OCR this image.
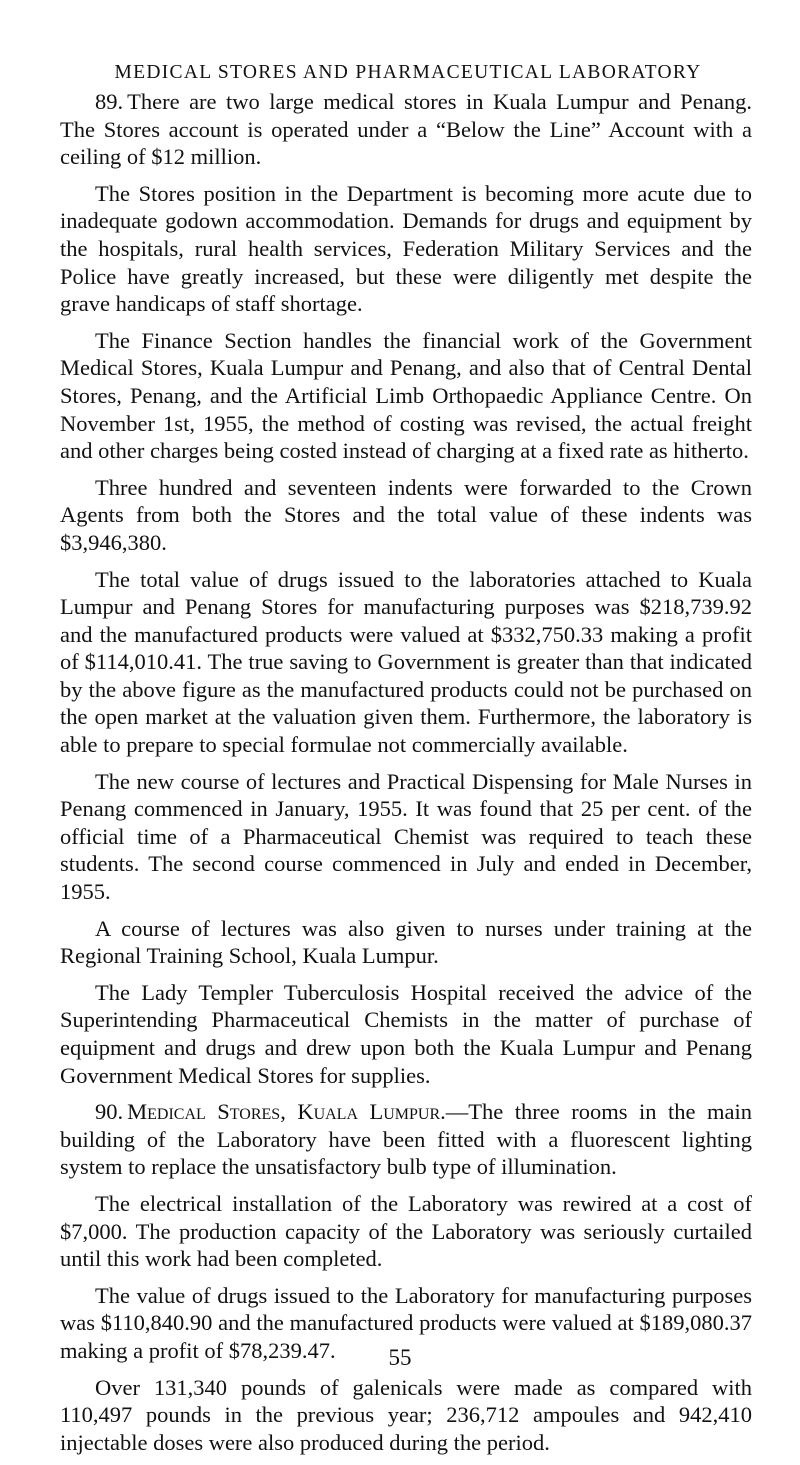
MEDICAL STORES AND PHARMACEUTICAL LABORATORY

89. There are two large medical stores in Kuala Lumpur and Penang. The Stores account is operated under a “Below the Line” Account with a ceiling of $12 million.

The Stores position in the Department is becoming more acute due to inadequate godown accommodation. Demands for drugs and equipment by the hospitals, rural health services, Federation Military Services and the Police have greatly increased, but these were diligently met despite the grave handicaps of staff shortage.

The Finance Section handles the financial work of the Government Medical Stores, Kuala Lumpur and Penang, and also that of Central Dental Stores, Penang, and the Artificial Limb Orthopaedic Appliance Centre. On November 1st, 1955, the method of costing was revised, the actual freight and other charges being costed instead of charging at a fixed rate as hitherto.

Three hundred and seventeen indents were forwarded to the Crown Agents from both the Stores and the total value of these indents was $3,946,380.

The total value of drugs issued to the laboratories attached to Kuala Lumpur and Penang Stores for manufacturing purposes was $218,739.92 and the manufactured products were valued at $332,750.33 making a profit of $114,010.41. The true saving to Government is greater than that indicated by the above figure as the manufactured products could not be purchased on the open market at the valuation given them. Furthermore, the laboratory is able to prepare to special formulae not commercially available.

The new course of lectures and Practical Dispensing for Male Nurses in Penang commenced in January, 1955. It was found that 25 per cent. of the official time of a Pharmaceutical Chemist was required to teach these students. The second course commenced in July and ended in December, 1955.

A course of lectures was also given to nurses under training at the Regional Training School, Kuala Lumpur.

The Lady Templer Tuberculosis Hospital received the advice of the Superintending Pharmaceutical Chemists in the matter of purchase of equipment and drugs and drew upon both the Kuala Lumpur and Penang Government Medical Stores for supplies.

90. Medical Stores, Kuala Lumpur.—The three rooms in the main building of the Laboratory have been fitted with a fluorescent lighting system to replace the unsatisfactory bulb type of illumination.

The electrical installation of the Laboratory was rewired at a cost of $7,000. The production capacity of the Laboratory was seriously curtailed until this work had been completed.

The value of drugs issued to the Laboratory for manufacturing purposes was $110,840.90 and the manufactured products were valued at $189,080.37 making a profit of $78,239.47.

Over 131,340 pounds of galenicals were made as compared with 110,497 pounds in the previous year; 236,712 ampoules and 942,410 injectable doses were also produced during the period.

55
